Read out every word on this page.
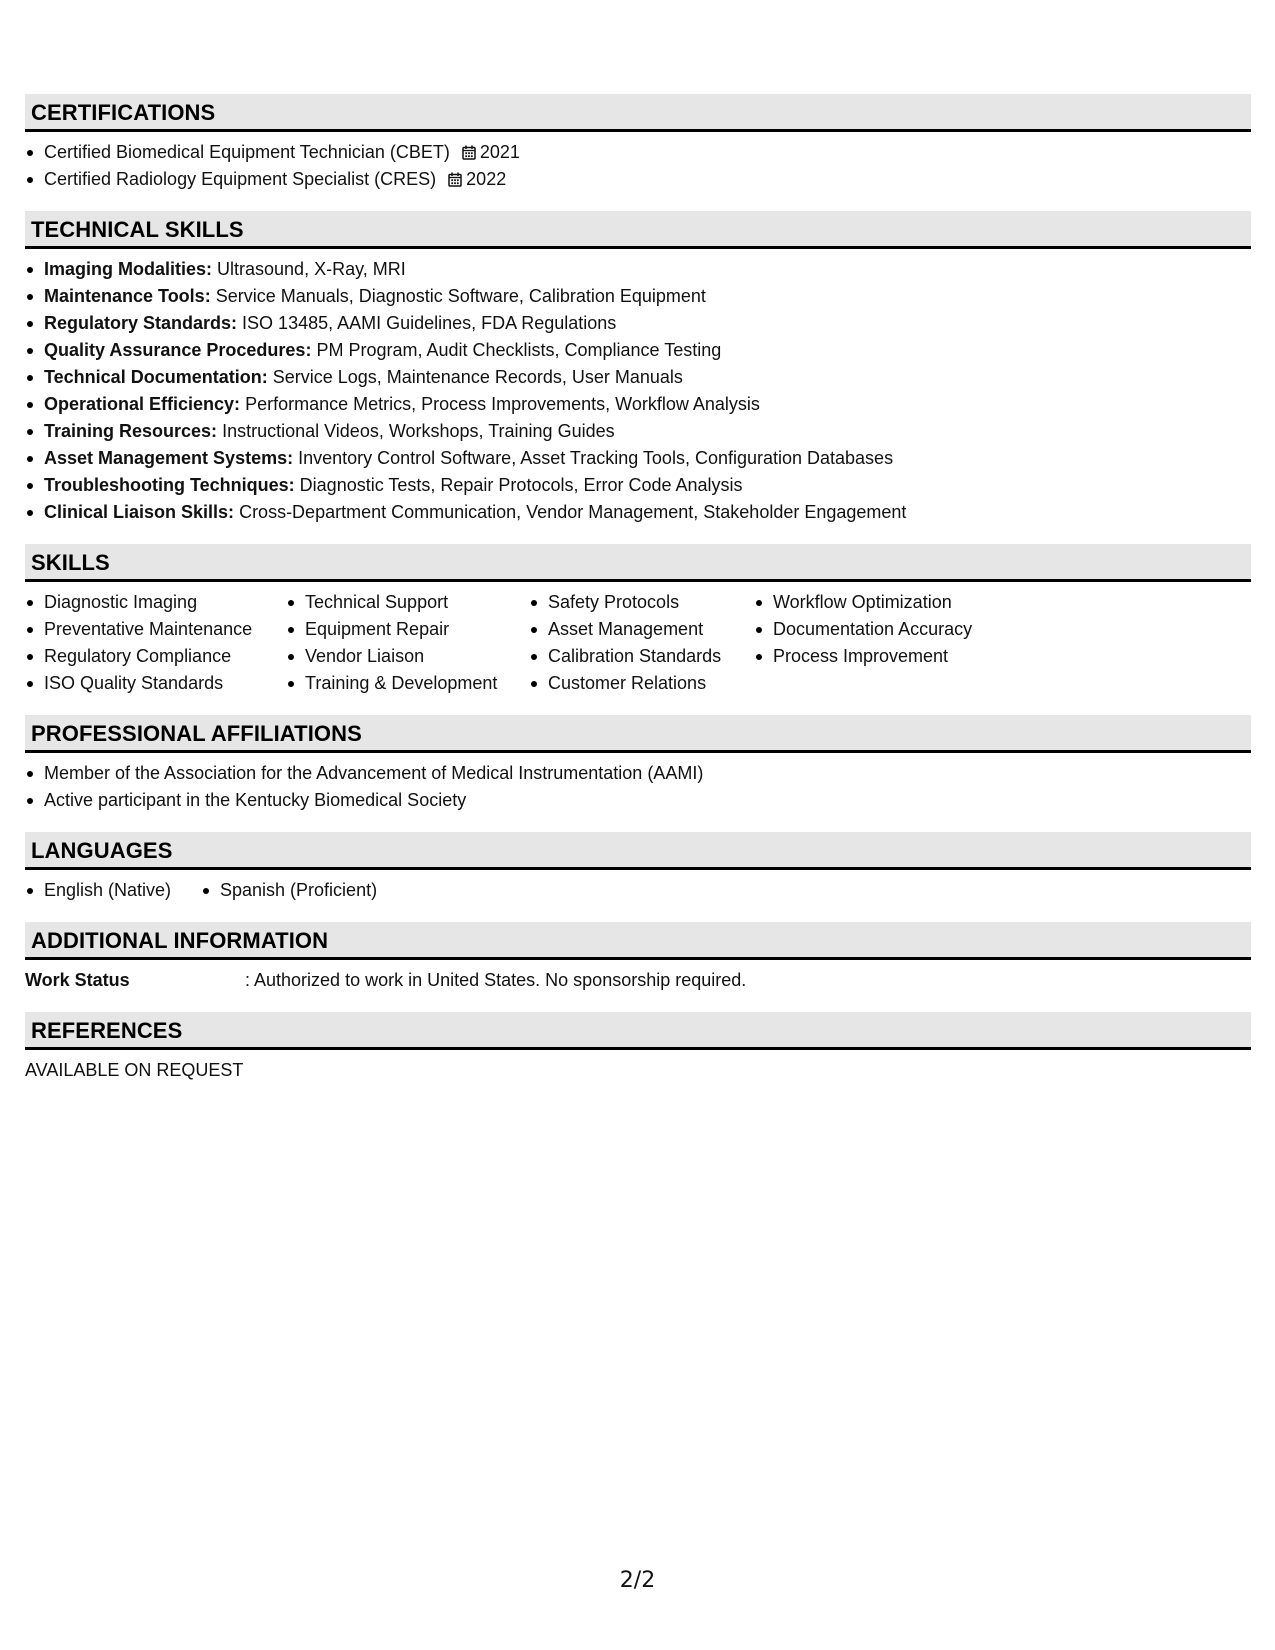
CERTIFICATIONS
Certified Biomedical Equipment Technician (CBET) 2021
Certified Radiology Equipment Specialist (CRES) 2022
TECHNICAL SKILLS
Imaging Modalities: Ultrasound, X-Ray, MRI
Maintenance Tools: Service Manuals, Diagnostic Software, Calibration Equipment
Regulatory Standards: ISO 13485, AAMI Guidelines, FDA Regulations
Quality Assurance Procedures: PM Program, Audit Checklists, Compliance Testing
Technical Documentation: Service Logs, Maintenance Records, User Manuals
Operational Efficiency: Performance Metrics, Process Improvements, Workflow Analysis
Training Resources: Instructional Videos, Workshops, Training Guides
Asset Management Systems: Inventory Control Software, Asset Tracking Tools, Configuration Databases
Troubleshooting Techniques: Diagnostic Tests, Repair Protocols, Error Code Analysis
Clinical Liaison Skills: Cross-Department Communication, Vendor Management, Stakeholder Engagement
SKILLS
Diagnostic Imaging
Preventative Maintenance
Regulatory Compliance
ISO Quality Standards
Technical Support
Equipment Repair
Vendor Liaison
Training & Development
Safety Protocols
Asset Management
Calibration Standards
Customer Relations
Workflow Optimization
Documentation Accuracy
Process Improvement
PROFESSIONAL AFFILIATIONS
Member of the Association for the Advancement of Medical Instrumentation (AAMI)
Active participant in the Kentucky Biomedical Society
LANGUAGES
English (Native)	Spanish (Proficient)
ADDITIONAL INFORMATION
Work Status	: Authorized to work in United States. No sponsorship required.
REFERENCES
AVAILABLE ON REQUEST
2/2
